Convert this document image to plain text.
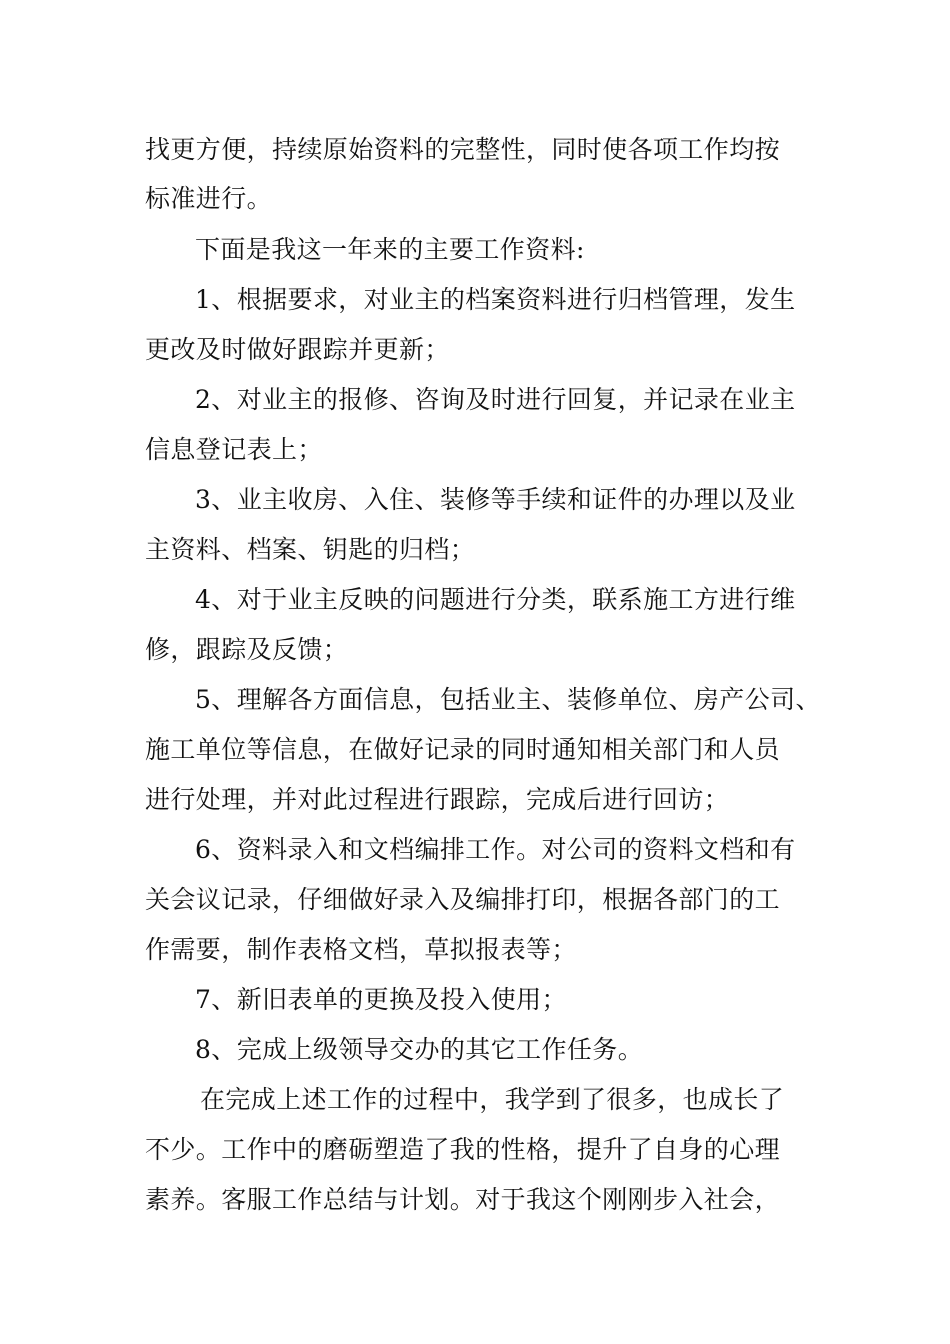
找更方便，持续原始资料的完整性，同时使各项工作均按
标准进行。
下面是我这一年来的主要工作资料:
1、根据要求，对业主的档案资料进行归档管理，发生
更改及时做好跟踪并更新；
2、对业主的报修、咨询及时进行回复，并记录在业主
信息登记表上；
3、业主收房、入住、装修等手续和证件的办理以及业
主资料、档案、钥匙的归档；
4、对于业主反映的问题进行分类，联系施工方进行维
修，跟踪及反馈；
5、理解各方面信息，包括业主、装修单位、房产公司、
施工单位等信息，在做好记录的同时通知相关部门和人员
进行处理，并对此过程进行跟踪，完成后进行回访；
6、资料录入和文档编排工作。对公司的资料文档和有
关会议记录，仔细做好录入及编排打印，根据各部门的工
作需要，制作表格文档，草拟报表等；
7、新旧表单的更换及投入使用；
8、完成上级领导交办的其它工作任务。
在完成上述工作的过程中，我学到了很多，也成长了
不少。工作中的磨砺塑造了我的性格，提升了自身的心理
素养。客服工作总结与计划。对于我这个刚刚步入社会，
